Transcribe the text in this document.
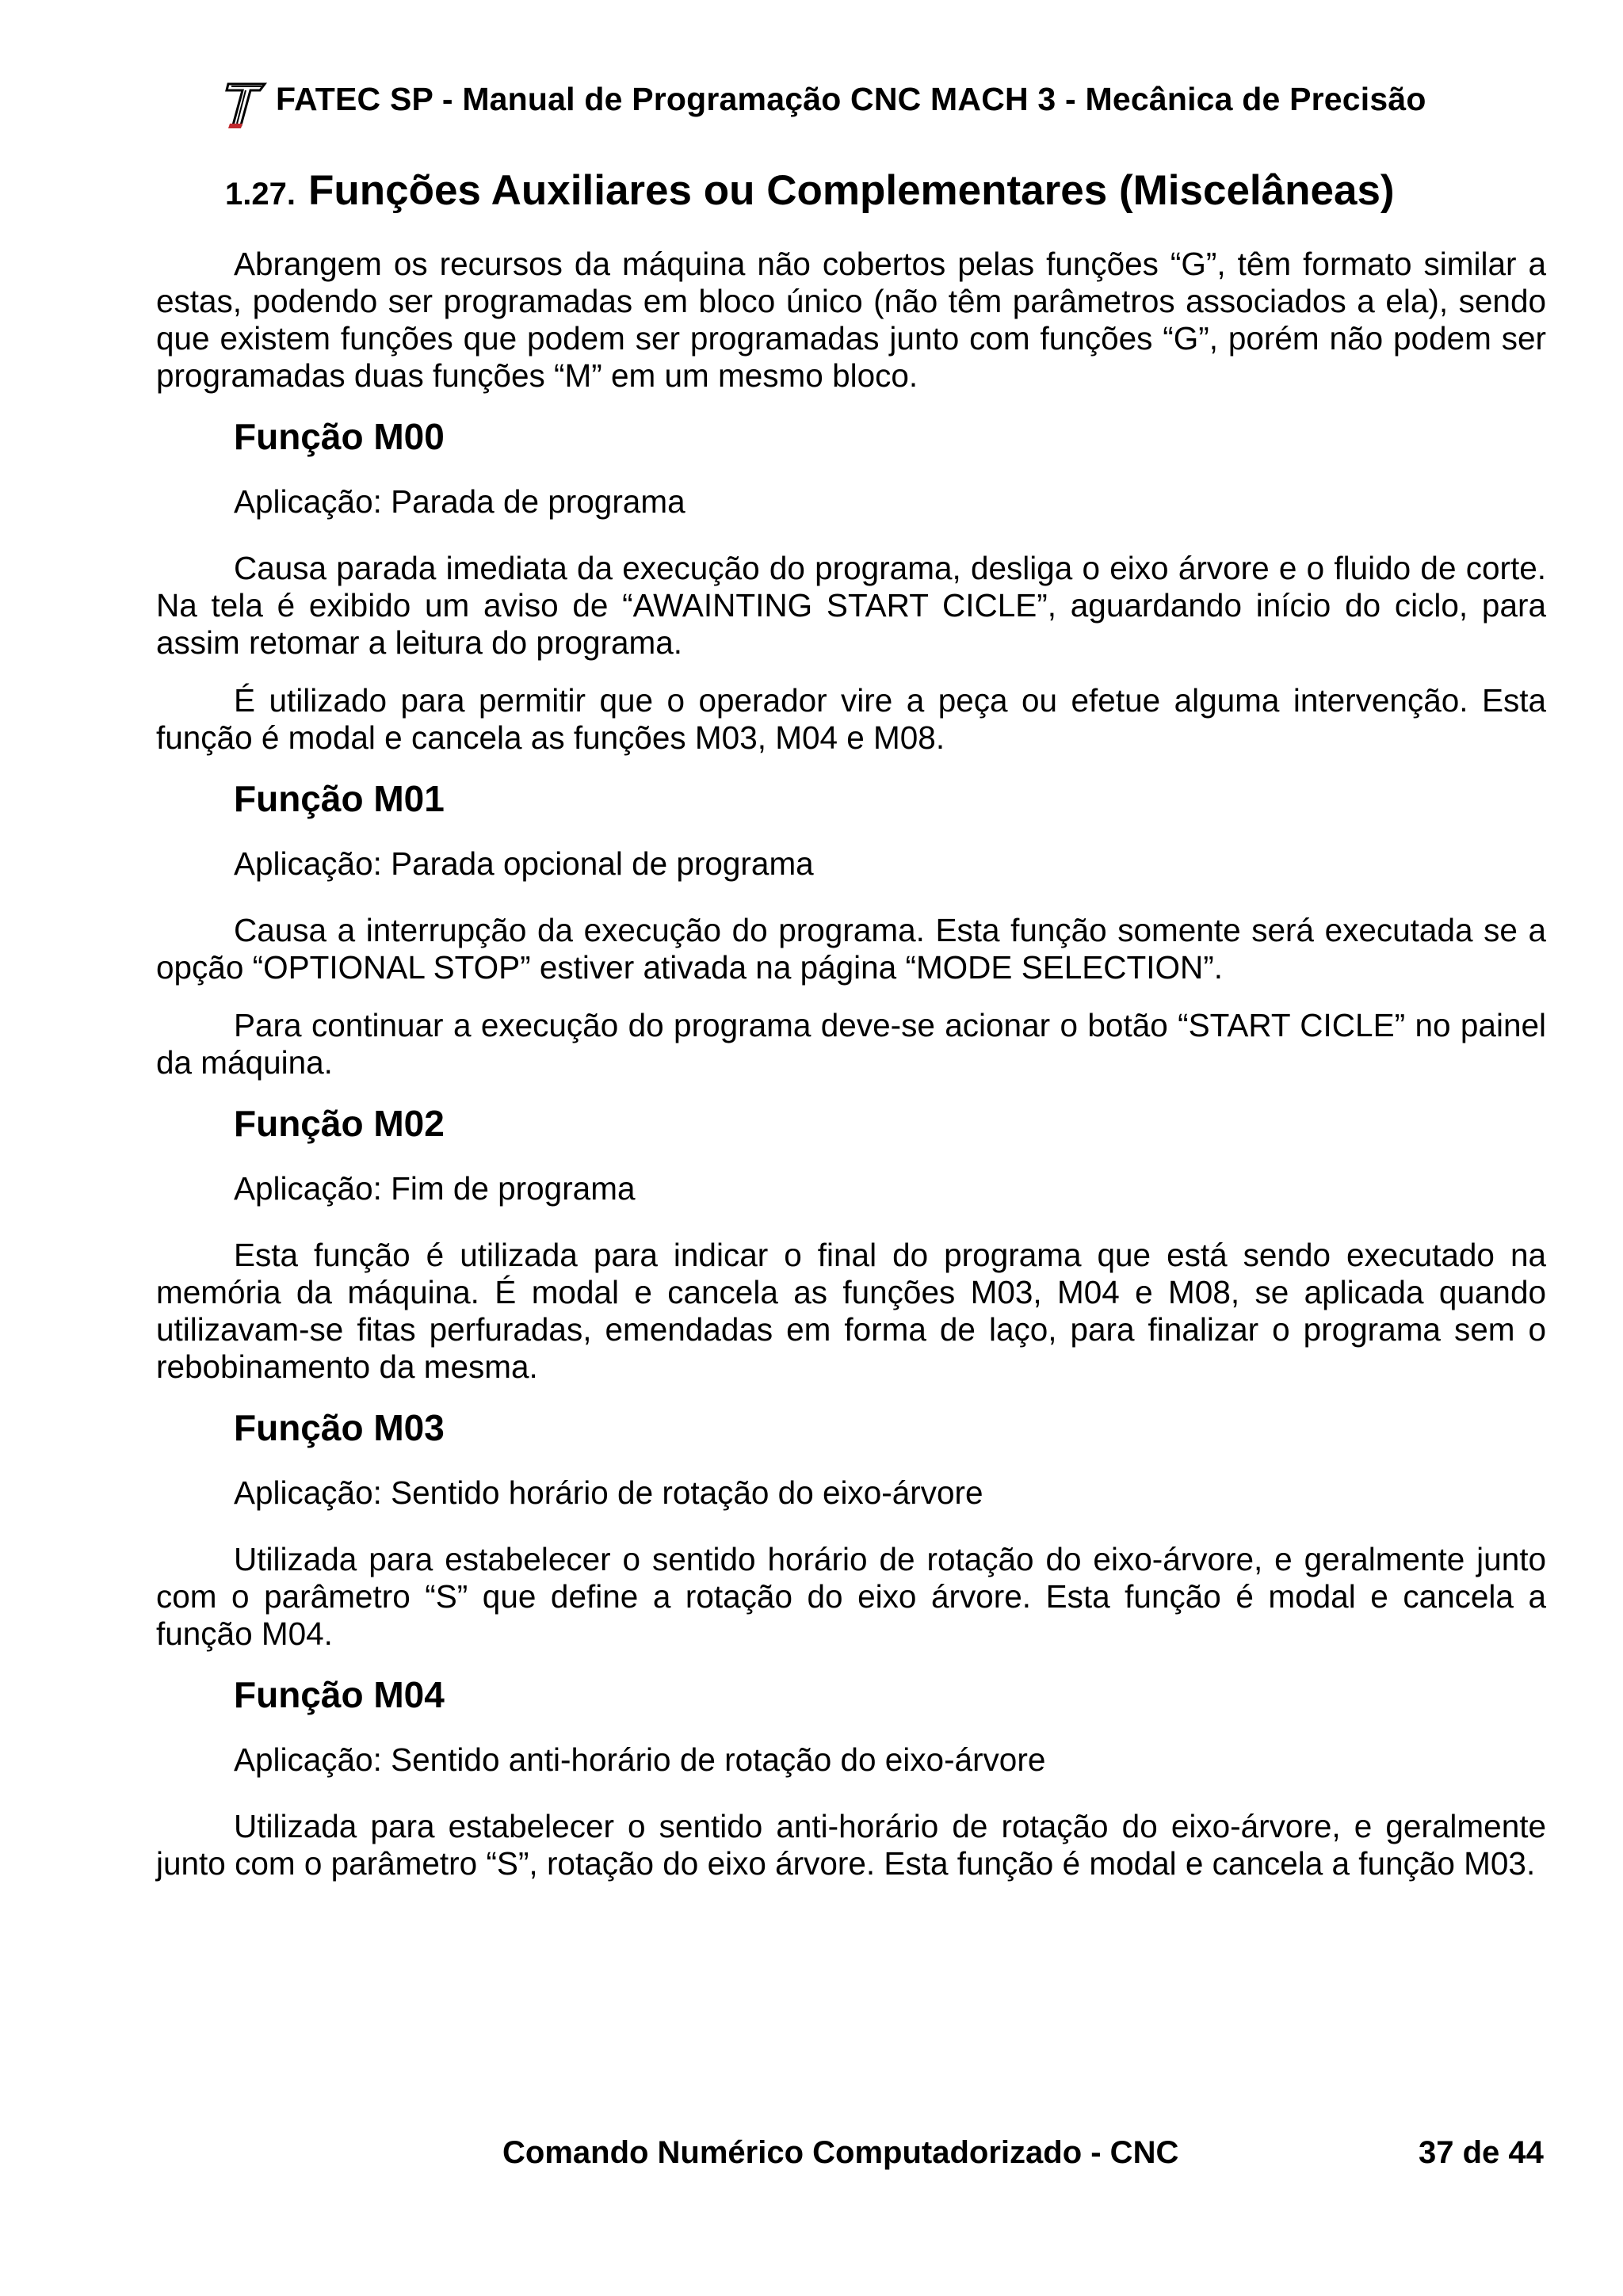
FATEC SP - Manual de Programação CNC MACH 3 - Mecânica de Precisão
1.27. Funções Auxiliares ou Complementares (Miscelâneas)

Abrangem os recursos da máquina não cobertos pelas funções “G”, têm formato similar a estas, podendo ser programadas em bloco único (não têm parâmetros associados a ela), sendo que existem funções que podem ser programadas junto com funções “G”, porém não podem ser programadas duas funções “M” em um mesmo bloco.

Função M00
Aplicação: Parada de programa

Causa parada imediata da execução do programa, desliga o eixo árvore e o fluido de corte. Na tela é exibido um aviso de “AWAINTING START CICLE”, aguardando início do ciclo, para assim retomar a leitura do programa.

É utilizado para permitir que o operador vire a peça ou efetue alguma intervenção. Esta função é modal e cancela as funções M03, M04 e M08.

Função M01
Aplicação: Parada opcional de programa

Causa a interrupção da execução do programa. Esta função somente será executada se a opção “OPTIONAL STOP” estiver ativada na página “MODE SELECTION”.

Para continuar a execução do programa deve-se acionar o botão “START CICLE” no painel da máquina.

Função M02
Aplicação: Fim de programa

Esta função é utilizada para indicar o final do programa que está sendo executado na memória da máquina. É modal e cancela as funções M03, M04 e M08, se aplicada quando utilizavam-se fitas perfuradas, emendadas em forma de laço, para finalizar o programa sem o rebobinamento da mesma.

Função M03
Aplicação: Sentido horário de rotação do eixo-árvore

Utilizada para estabelecer o sentido horário de rotação do eixo-árvore, e geralmente junto com o parâmetro “S” que define a rotação do eixo árvore. Esta função é modal e cancela a função M04.

Função M04
Aplicação: Sentido anti-horário de rotação do eixo-árvore

Utilizada para estabelecer o sentido anti-horário de rotação do eixo-árvore, e geralmente junto com o parâmetro “S”, rotação do eixo árvore. Esta função é modal e cancela a função M03.

Comando Numérico Computadorizado - CNC	37 de 44
